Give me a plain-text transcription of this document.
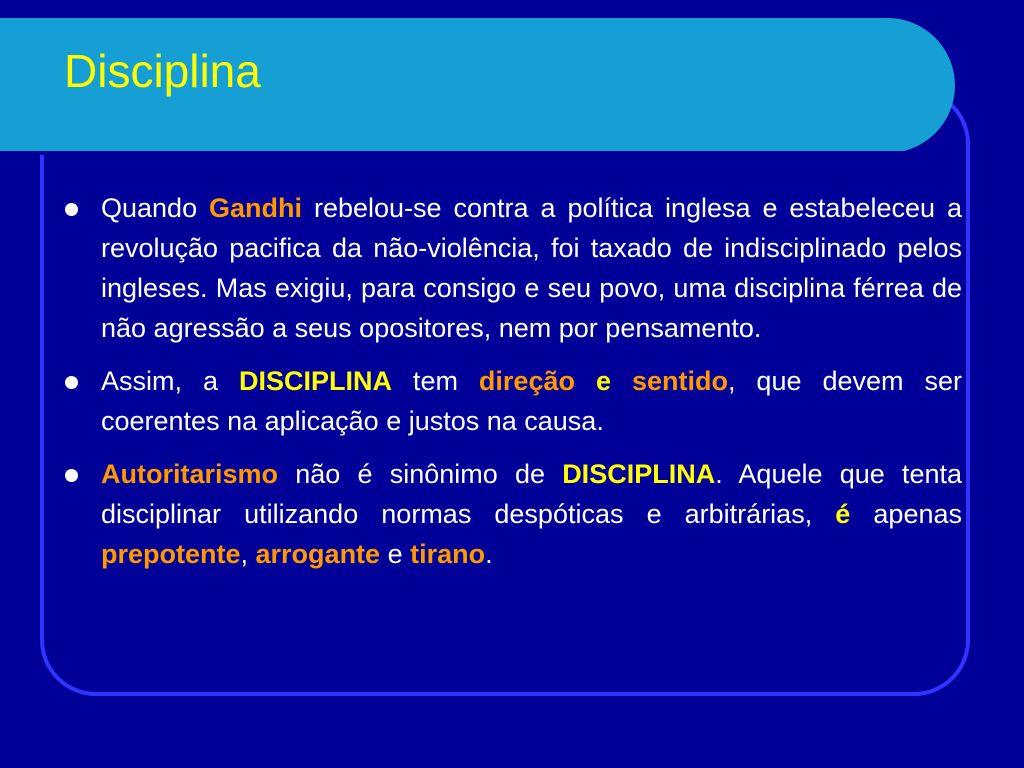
Disciplina
Quando Gandhi rebelou-se contra a política inglesa e estabeleceu a revolução pacifica da não-violência, foi taxado de indisciplinado pelos ingleses. Mas exigiu, para consigo e seu povo, uma disciplina férrea de não agressão a seus opositores, nem por pensamento.
Assim, a DISCIPLINA tem direção e sentido, que devem ser coerentes na aplicação e justos na causa.
Autoritarismo não é sinônimo de DISCIPLINA. Aquele que tenta disciplinar utilizando normas despóticas e arbitrárias, é apenas prepotente, arrogante e tirano.
